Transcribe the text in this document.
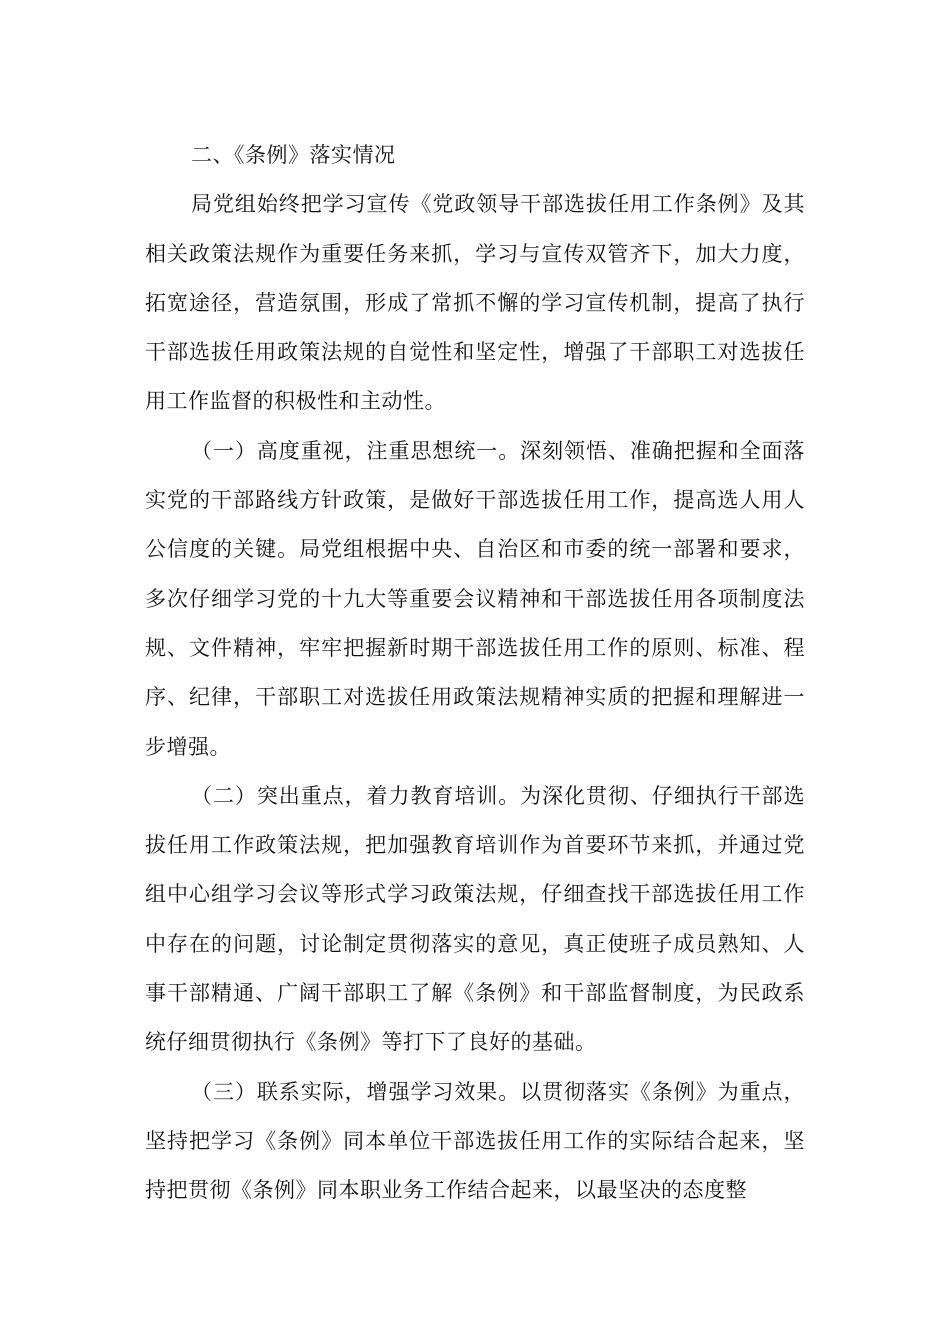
二、《条例》落实情况

局党组始终把学习宣传《党政领导干部选拔任用工作条例》及其相关政策法规作为重要任务来抓，学习与宣传双管齐下，加大力度，拓宽途径，营造氛围，形成了常抓不懈的学习宣传机制，提高了执行干部选拔任用政策法规的自觉性和坚定性，增强了干部职工对选拔任用工作监督的积极性和主动性。

（一）高度重视，注重思想统一。深刻领悟、准确把握和全面落实党的干部路线方针政策，是做好干部选拔任用工作，提高选人用人公信度的关键。局党组根据中央、自治区和市委的统一部署和要求，多次仔细学习党的十九大等重要会议精神和干部选拔任用各项制度法规、文件精神，牢牢把握新时期干部选拔任用工作的原则、标准、程序、纪律，干部职工对选拔任用政策法规精神实质的把握和理解进一步增强。

（二）突出重点，着力教育培训。为深化贯彻、仔细执行干部选拔任用工作政策法规，把加强教育培训作为首要环节来抓，并通过党组中心组学习会议等形式学习政策法规，仔细查找干部选拔任用工作中存在的问题，讨论制定贯彻落实的意见，真正使班子成员熟知、人事干部精通、广阔干部职工了解《条例》和干部监督制度，为民政系统仔细贯彻执行《条例》等打下了良好的基础。

（三）联系实际，增强学习效果。以贯彻落实《条例》为重点，坚持把学习《条例》同本单位干部选拔任用工作的实际结合起来，坚持把贯彻《条例》同本职业务工作结合起来，以最坚决的态度整
